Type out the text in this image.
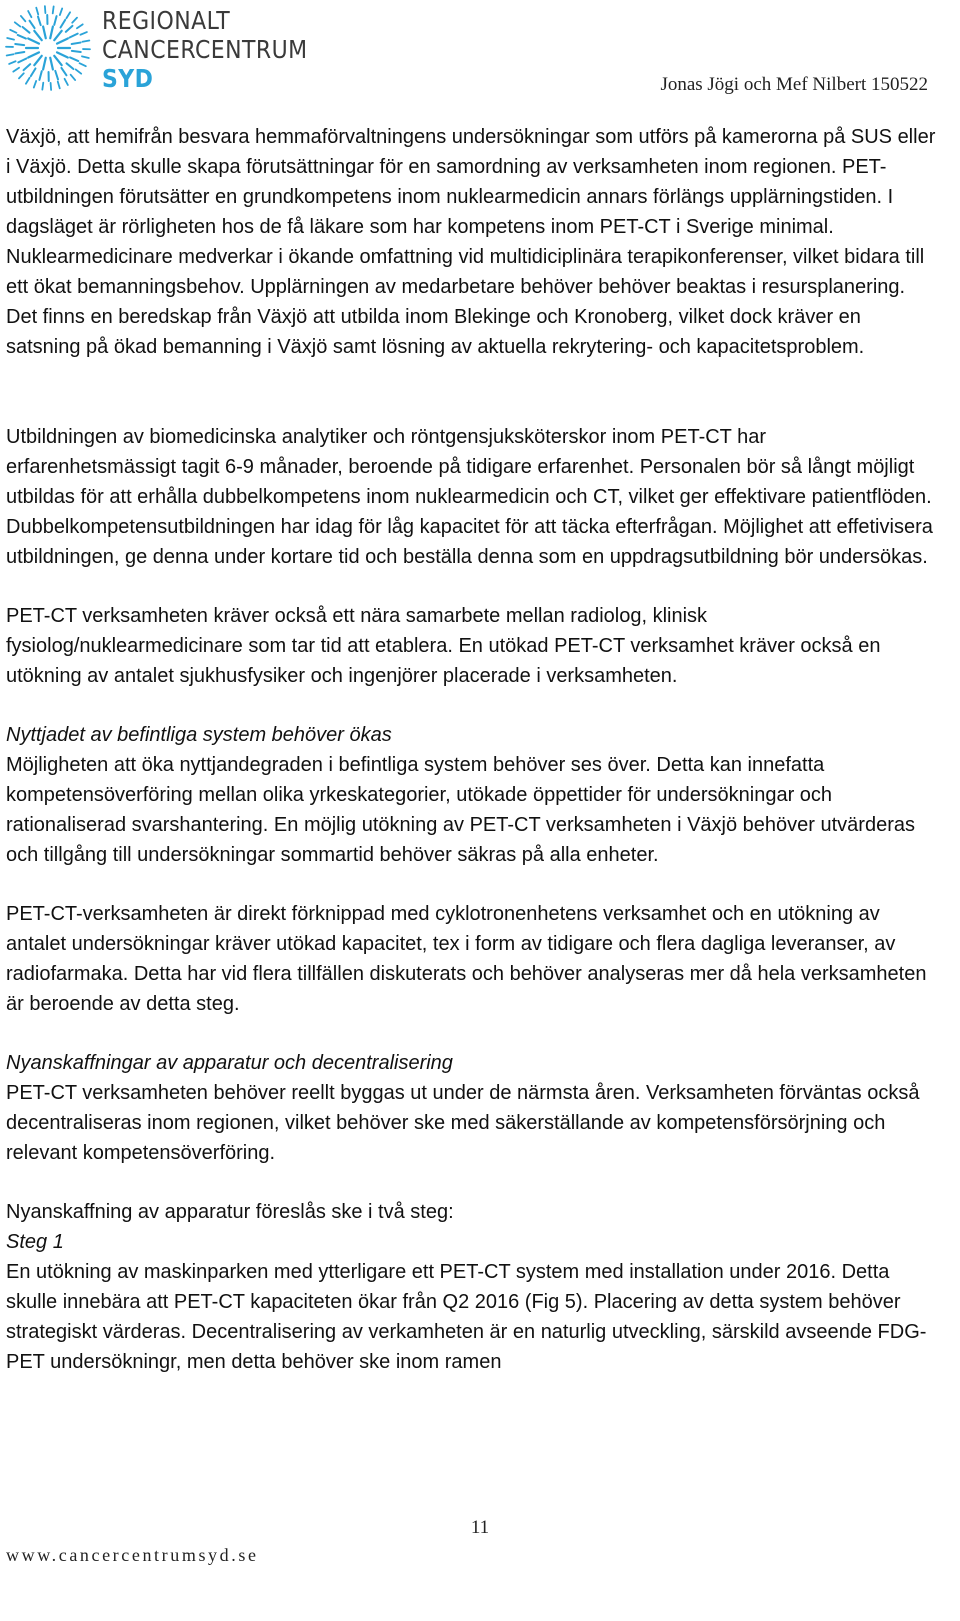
REGIONALT
CANCERCENTRUM
SYD	Jonas Jögi och Mef Nilbert 150522

Växjö, att hemifrån besvara hemmaförvaltningens undersökningar som utförs på kamerorna på SUS eller i Växjö. Detta skulle skapa förutsättningar för en samordning av verksamheten inom regionen. PET-utbildningen förutsätter en grundkompetens inom nuklearmedicin annars förlängs upplärningstiden. I dagsläget är rörligheten hos de få läkare som har kompetens inom PET-CT i Sverige minimal. Nuklearmedicinare medverkar i ökande omfattning vid multidiciplinära terapikonferenser, vilket bidara till ett ökat bemanningsbehov. Upplärningen av medarbetare behöver behöver beaktas i resursplanering. Det finns en beredskap från Växjö att utbilda inom Blekinge och Kronoberg, vilket dock kräver en satsning på ökad bemanning i Växjö samt lösning av aktuella rekrytering- och kapacitetsproblem.

Utbildningen av biomedicinska analytiker och röntgensjuksköterskor inom PET-CT har erfarenhetsmässigt tagit 6-9 månader, beroende på tidigare erfarenhet. Personalen bör så långt möjligt utbildas för att erhålla dubbelkompetens inom nuklearmedicin och CT, vilket ger effektivare patientflöden. Dubbelkompetensutbildningen har idag för låg kapacitet för att täcka efterfrågan. Möjlighet att effetivisera utbildningen, ge denna under kortare tid och beställa denna som en uppdragsutbildning bör undersökas.

PET-CT verksamheten kräver också ett nära samarbete mellan radiolog, klinisk fysiolog/nuklearmedicinare som tar tid att etablera. En utökad PET-CT verksamhet kräver också en utökning av antalet sjukhusfysiker och ingenjörer placerade i verksamheten.

Nyttjadet av befintliga system behöver ökas

Möjligheten att öka nyttjandegraden i befintliga system behöver ses över. Detta kan innefatta kompetensöverföring mellan olika yrkeskategorier, utökade öppettider för undersökningar och rationaliserad svarshantering. En möjlig utökning av PET-CT verksamheten i Växjö behöver utvärderas och tillgång till undersökningar sommartid behöver säkras på alla enheter.

PET-CT-verksamheten är direkt förknippad med cyklotronenhetens verksamhet och en utökning av antalet undersökningar kräver utökad kapacitet, tex i form av tidigare och flera dagliga leveranser, av radiofarmaka. Detta har vid flera tillfällen diskuterats och behöver analyseras mer då hela verksamheten är beroende av detta steg.

Nyanskaffningar av apparatur och decentralisering

PET-CT verksamheten behöver reellt byggas ut under de närmsta åren. Verksamheten förväntas också decentraliseras inom regionen, vilket behöver ske med säkerställande av kompetensförsörjning och relevant kompetensöverföring.

Nyanskaffning av apparatur föreslås ske i två steg:

Steg 1

En utökning av maskinparken med ytterligare ett PET-CT system med installation under 2016. Detta skulle innebära att PET-CT kapaciteten ökar från Q2 2016 (Fig 5). Placering av detta system behöver strategiskt värderas. Decentralisering av verkamheten är en naturlig utveckling, särskild avseende FDG-PET undersökningr, men detta behöver ske inom ramen

11
www.cancercentrumsyd.se
